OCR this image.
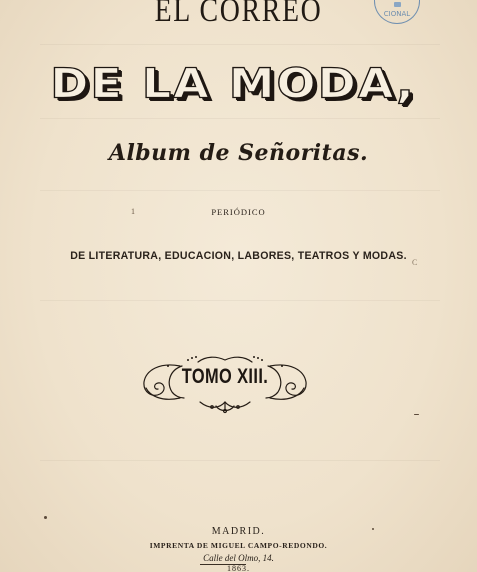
CIONAL
EL CORREO
DE LA MODA,
Album de Señoritas.
1	PERIÓDICO
DE LITERATURA, EDUCACION, LABORES, TEATROS Y MODAS.
C
TOMO XIII.
MADRID.
IMPRENTA DE MIGUEL CAMPO-REDONDO.
Calle del Olmo, 14.
1863.
